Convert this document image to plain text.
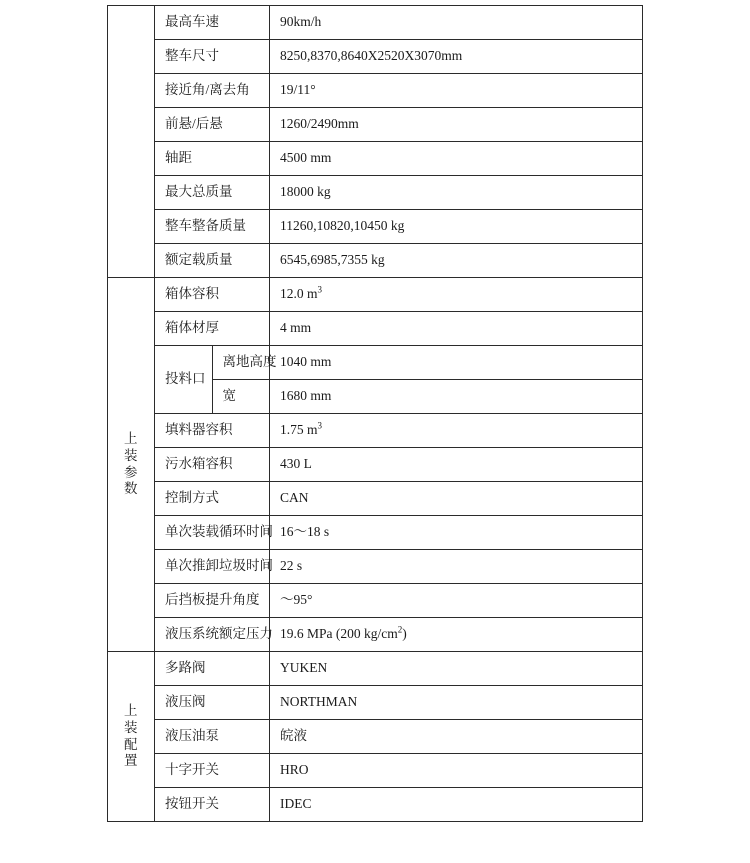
	最高车速		90km/h
	整车尺寸		8250,8370,8640X2520X3070mm
	接近角/离去角		19/11°
	前悬/后悬		1260/2490mm
	轴距		4500 mm
	最大总质量		18000 kg
	整车整备质量		11260,10820,10450 kg
	额定载质量		6545,6985,7355 kg

上装
参数	箱体容积		12.0 $m^3$
	箱体材厚		4 mm
	投料口	离地高度	1040 mm
		宽	1680 mm
	填料器容积		1.75 $m^3$
	污水箱容积		430 L
	控制方式		CAN
	单次装载循环时间		16～18 s
	单次推卸垃圾时间		22 s
	后挡板提升角度		～95°
	液压系统额定压力		19.6 MPa (200 $kg/cm^2$)

上装
配置	多路阀		YUKEN
	液压阀		NORTHMAN
	液压油泵		皖液
	十字开关		HRO
	按钮开关		IDEC
